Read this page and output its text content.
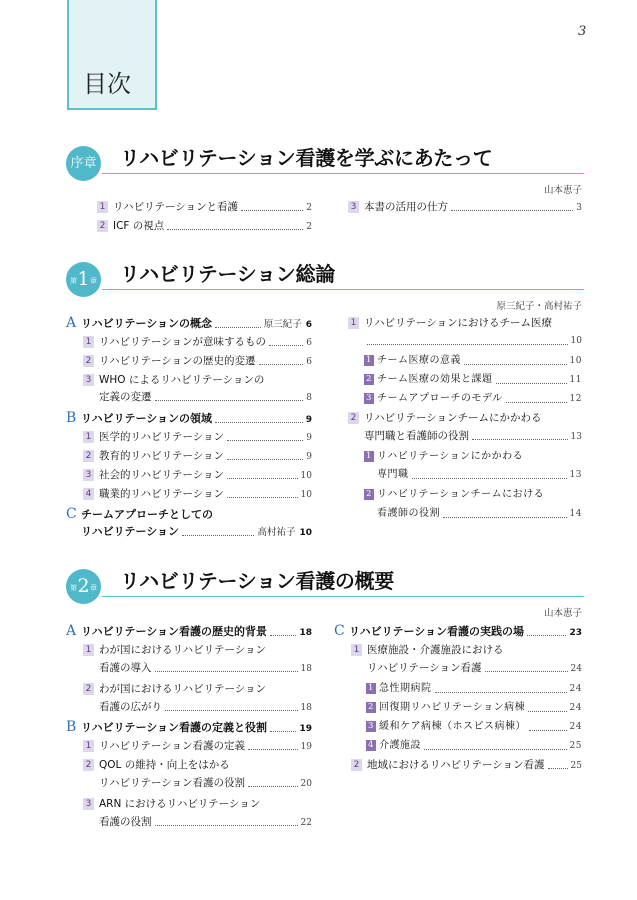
3
目次
序章 リハビリテーション看護を学ぶにあたって
山本恵子
1 リハビリテーションと看護	2
2 ICF の視点	2
3 本書の活用の仕方	3
第 1 章 リハビリテーション総論
原三紀子・高村祐子
A リハビリテーションの概念	原三紀子 6
1 リハビリテーションが意味するもの	6
2 リハビリテーションの歴史的変遷	6
3 WHO によるリハビリテーションの
定義の変遷	8
B リハビリテーションの領域	9
1 医学的リハビリテーション	9
2 教育的リハビリテーション	9
3 社会的リハビリテーション	10
4 職業的リハビリテーション	10
C チームアプローチとしての
リハビリテーション	高村祐子 10
1 リハビリテーションにおけるチーム医療
10
1 チーム医療の意義	10
2 チーム医療の効果と課題	11
3 チームアプローチのモデル	12
2 リハビリテーションチームにかかわる
専門職と看護師の役割	13
1 リハビリテーションにかかわる
専門職	13
2 リハビリテーションチームにおける
看護師の役割	14
第 2 章 リハビリテーション看護の概要
山本恵子
A リハビリテーション看護の歴史的背景	18
1 わが国におけるリハビリテーション
看護の導入	18
2 わが国におけるリハビリテーション
看護の広がり	18
B リハビリテーション看護の定義と役割	19
1 リハビリテーション看護の定義	19
2 QOL の維持・向上をはかる
リハビリテーション看護の役割	20
3 ARN におけるリハビリテーション
看護の役割	22
C リハビリテーション看護の実践の場	23
1 医療施設・介護施設における
リハビリテーション看護	24
1 急性期病院	24
2 回復期リハビリテーション病棟	24
3 緩和ケア病棟（ホスピス病棟）	24
4 介護施設	25
2 地域におけるリハビリテーション看護	25
